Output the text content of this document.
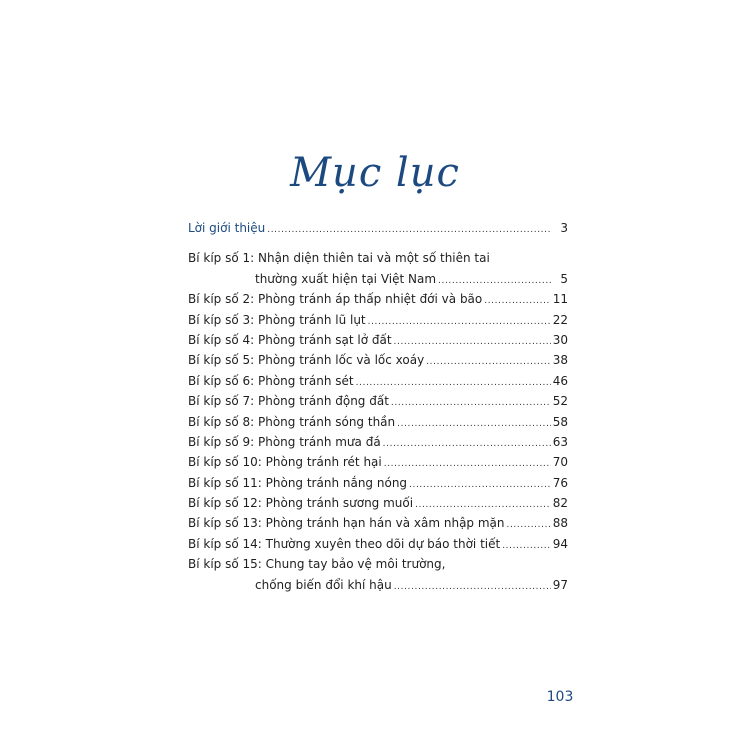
Mục lục
Lời giới thiệu .....	3
Bí kíp số 1: Nhận diện thiên tai và một số thiên tai
thường xuất hiện tại Việt Nam .....	5
Bí kíp số 2: Phòng tránh áp thấp nhiệt đới và bão .....	11
Bí kíp số 3: Phòng tránh lũ lụt .....	22
Bí kíp số 4: Phòng tránh sạt lở đất .....	30
Bí kíp số 5: Phòng tránh lốc và lốc xoáy .....	38
Bí kíp số 6: Phòng tránh sét .....	46
Bí kíp số 7: Phòng tránh động đất .....	52
Bí kíp số 8: Phòng tránh sóng thần .....	58
Bí kíp số 9: Phòng tránh mưa đá .....	63
Bí kíp số 10: Phòng tránh rét hại .....	70
Bí kíp số 11: Phòng tránh nắng nóng .....	76
Bí kíp số 12: Phòng tránh sương muối .....	82
Bí kíp số 13: Phòng tránh hạn hán và xâm nhập mặn .....	88
Bí kíp số 14: Thường xuyên theo dõi dự báo thời tiết .....	94
Bí kíp số 15: Chung tay bảo vệ môi trường,
chống biến đổi khí hậu .....	97
103
